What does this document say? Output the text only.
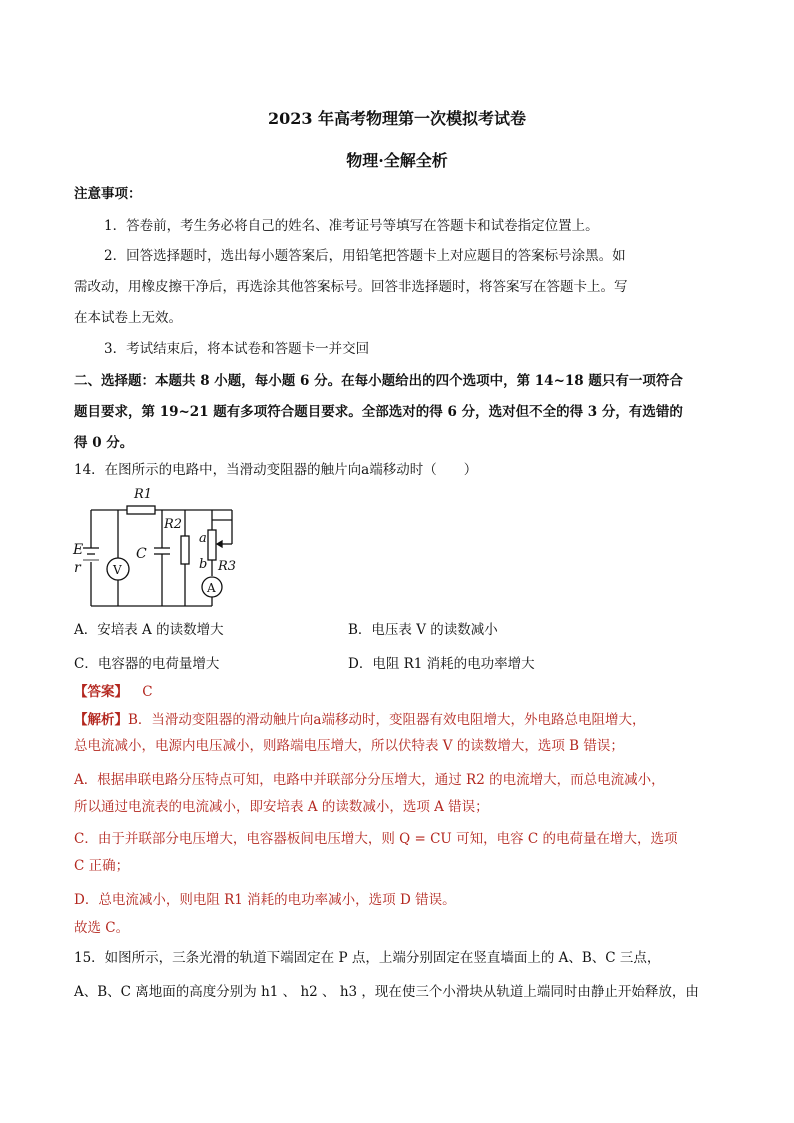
2023 年高考物理第一次模拟考试卷
物理·全解全析
注意事项：
1．答卷前，考生务必将自己的姓名、准考证号等填写在答题卡和试卷指定位置上。
2．回答选择题时，选出每小题答案后，用铅笔把答题卡上对应题目的答案标号涂黑。如
需改动，用橡皮擦干净后，再选涂其他答案标号。回答非选择题时，将答案写在答题卡上。写
在本试卷上无效。
3．考试结束后，将本试卷和答题卡一并交回
二、选择题：本题共 8 小题，每小题 6 分。在每小题给出的四个选项中，第 14~18 题只有一项符合
题目要求，第 19~21 题有多项符合题目要求。全部选对的得 6 分，选对但不全的得 3 分，有选错的
得 0 分。
14．在图所示的电路中，当滑动变阻器的触片向a端移动时（　　）
R1
R2
R3
C
E
r
a
b
V
A
A．安培表 A 的读数增大	B．电压表 V 的读数减小
C．电容器的电荷量增大	D．电阻 R1 消耗的电功率增大
【答案】 C
【解析】B．当滑动变阻器的滑动触片向a端移动时，变阻器有效电阻增大，外电路总电阻增大，
总电流减小，电源内电压减小，则路端电压增大，所以伏特表 V 的读数增大，选项 B 错误；
A．根据串联电路分压特点可知，电路中并联部分分压增大，通过 R2 的电流增大，而总电流减小，
所以通过电流表的电流减小，即安培表 A 的读数减小，选项 A 错误；
C．由于并联部分电压增大，电容器板间电压增大，则 Q = CU 可知，电容 C 的电荷量在增大，选项
C 正确；
D．总电流减小，则电阻 R1 消耗的电功率减小，选项 D 错误。
故选 C。
15．如图所示，三条光滑的轨道下端固定在 P 点，上端分别固定在竖直墙面上的 A、B、C 三点，
A、B、C 离地面的高度分别为 h1 、 h2 、 h3 ，现在使三个小滑块从轨道上端同时由静止开始释放，由
